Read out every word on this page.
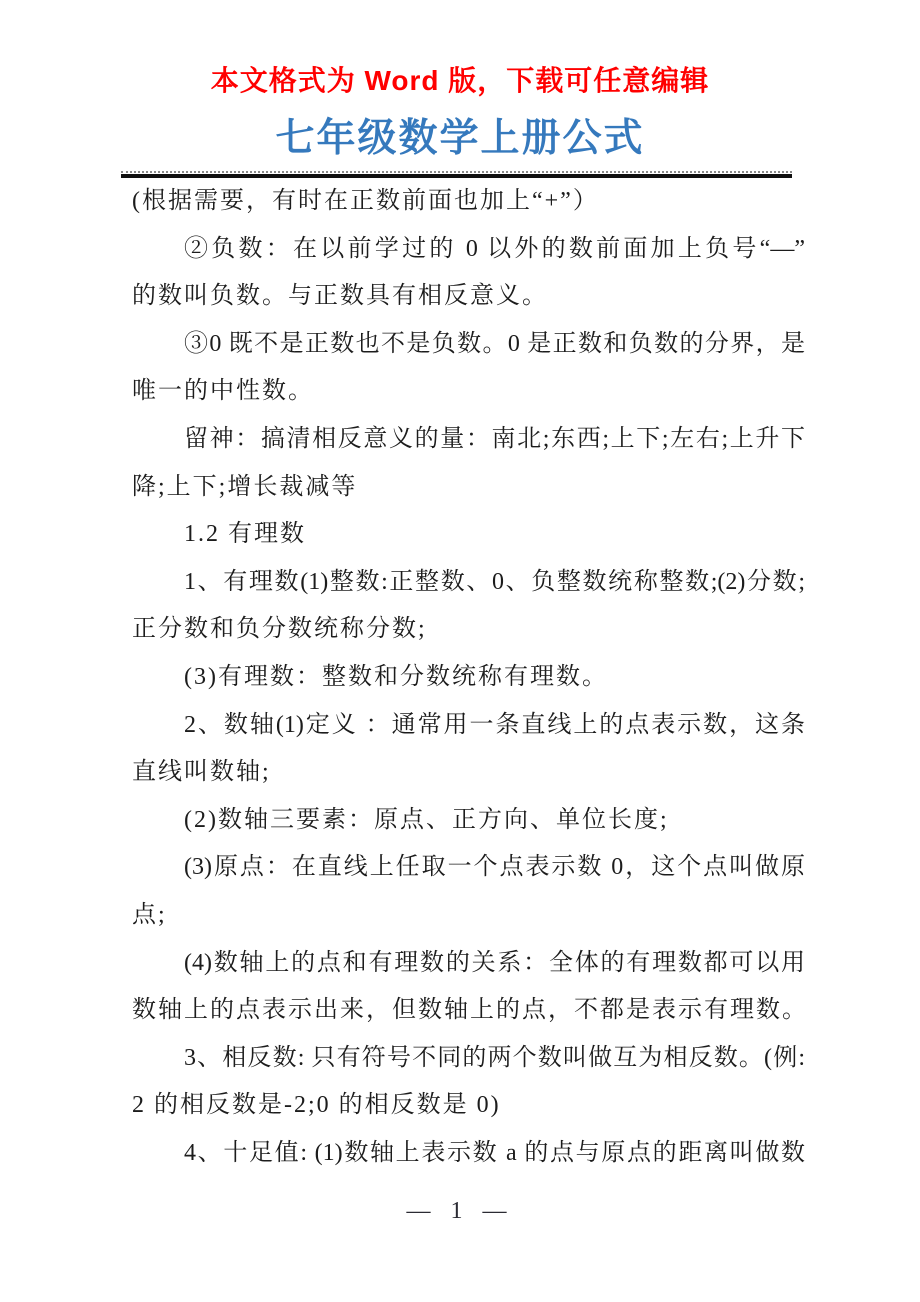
本文格式为 Word 版，下载可任意编辑
七年级数学上册公式
(根据需要，有时在正数前面也加上“+”）
②负数：在以前学过的 0 以外的数前面加上负号“—”
的数叫负数。与正数具有相反意义。
③0 既不是正数也不是负数。0 是正数和负数的分界，是
唯一的中性数。
留神：搞清相反意义的量：南北;东西;上下;左右;上升下
降;上下;增长裁减等
1.2 有理数
1、有理数(1)整数:正整数、0、负整数统称整数;(2)分数;
正分数和负分数统称分数;
(3)有理数：整数和分数统称有理数。
2、数轴(1)定义 ：通常用一条直线上的点表示数，这条
直线叫数轴;
(2)数轴三要素：原点、正方向、单位长度;
(3)原点：在直线上任取一个点表示数 0，这个点叫做原
点;
(4)数轴上的点和有理数的关系：全体的有理数都可以用
数轴上的点表示出来，但数轴上的点，不都是表示有理数。
3、相反数: 只有符号不同的两个数叫做互为相反数。(例:
2 的相反数是-2;0 的相反数是 0)
4、十足值: (1)数轴上表示数 a 的点与原点的距离叫做数
— 1 —
